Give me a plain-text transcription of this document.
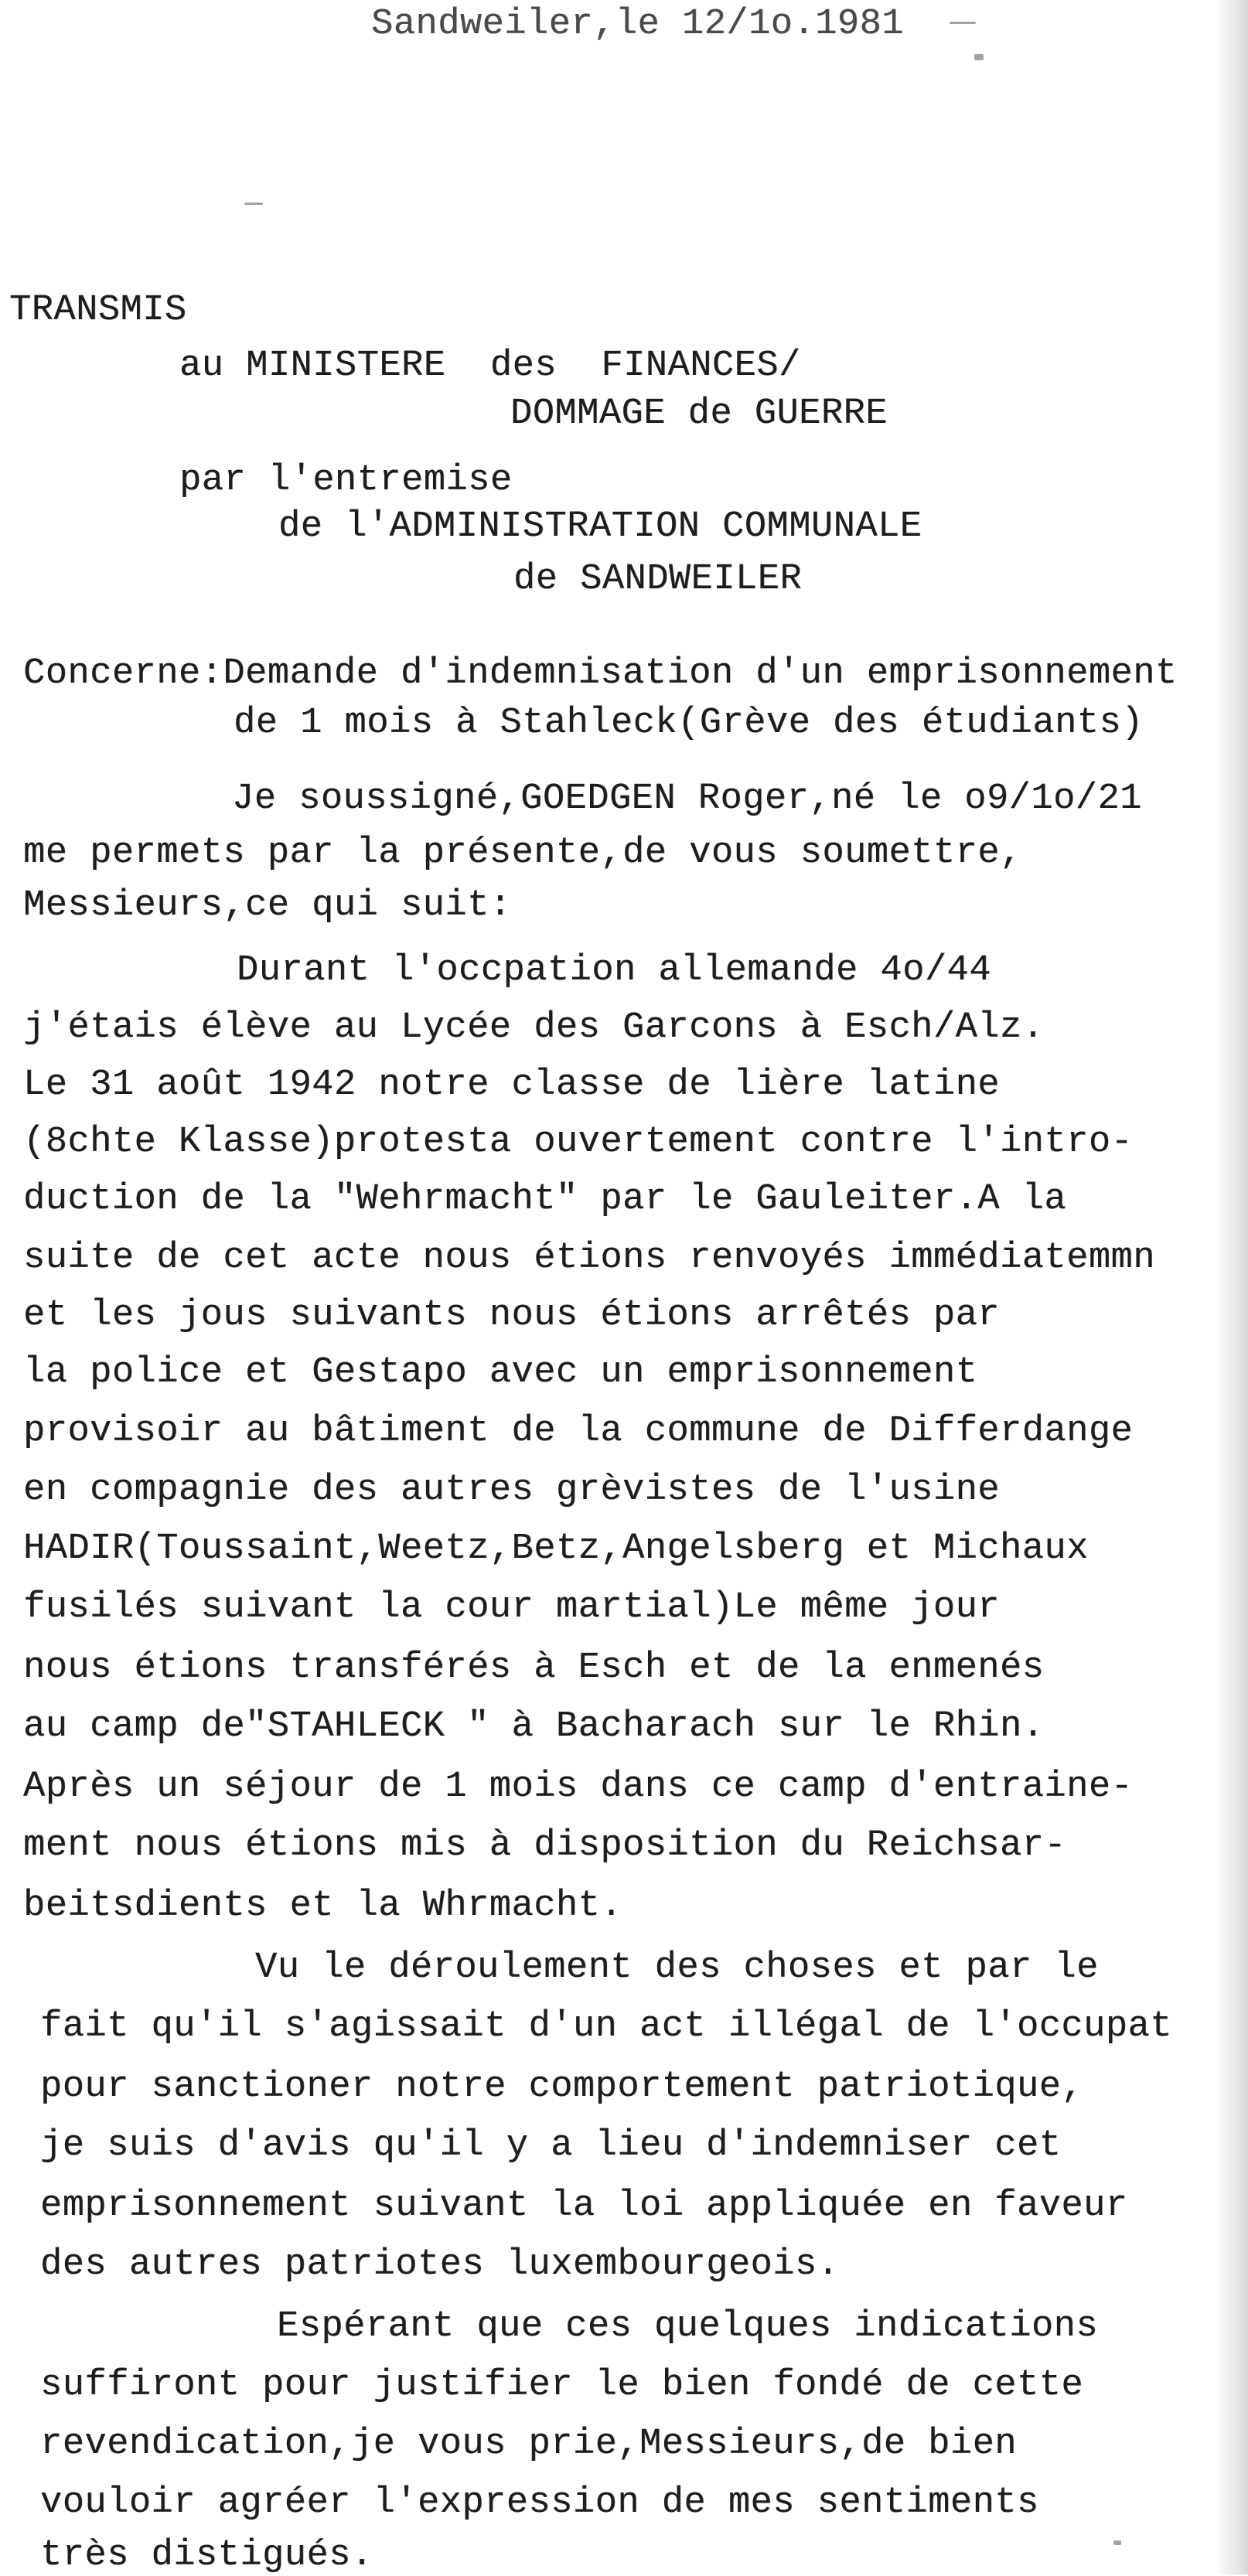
Sandweiler,le 12/1o.1981
TRANSMIS
au MINISTERE  des  FINANCES/
DOMMAGE de GUERRE
par l'entremise
de l'ADMINISTRATION COMMUNALE
de SANDWEILER
Concerne:Demande d'indemnisation d'un emprisonnement
de 1 mois à Stahleck(Grève des étudiants)
Je soussigné,GOEDGEN Roger,né le o9/1o/21
me permets par la présente,de vous soumettre,
Messieurs,ce qui suit:
Durant l'occpation allemande 4o/44
j'étais élève au Lycée des Garcons à Esch/Alz.
Le 31 août 1942 notre classe de lière latine
(8chte Klasse)protesta ouvertement contre l'intro-
duction de la "Wehrmacht" par le Gauleiter.A la
suite de cet acte nous étions renvoyés immédiatemmn
et les jous suivants nous étions arrêtés par
la police et Gestapo avec un emprisonnement
provisoir au bâtiment de la commune de Differdange
en compagnie des autres grèvistes de l'usine
HADIR(Toussaint,Weetz,Betz,Angelsberg et Michaux
fusilés suivant la cour martial)Le même jour
nous étions transférés à Esch et de la enmenés
au camp de"STAHLECK " à Bacharach sur le Rhin.
Après un séjour de 1 mois dans ce camp d'entraine-
ment nous étions mis à disposition du Reichsar-
beitsdients et la Whrmacht.
Vu le déroulement des choses et par le
fait qu'il s'agissait d'un act illégal de l'occupat
pour sanctioner notre comportement patriotique,
je suis d'avis qu'il y a lieu d'indemniser cet
emprisonnement suivant la loi appliquée en faveur
des autres patriotes luxembourgeois.
Espérant que ces quelques indications
suffiront pour justifier le bien fondé de cette
revendication,je vous prie,Messieurs,de bien
vouloir agréer l'expression de mes sentiments
très distigués.
